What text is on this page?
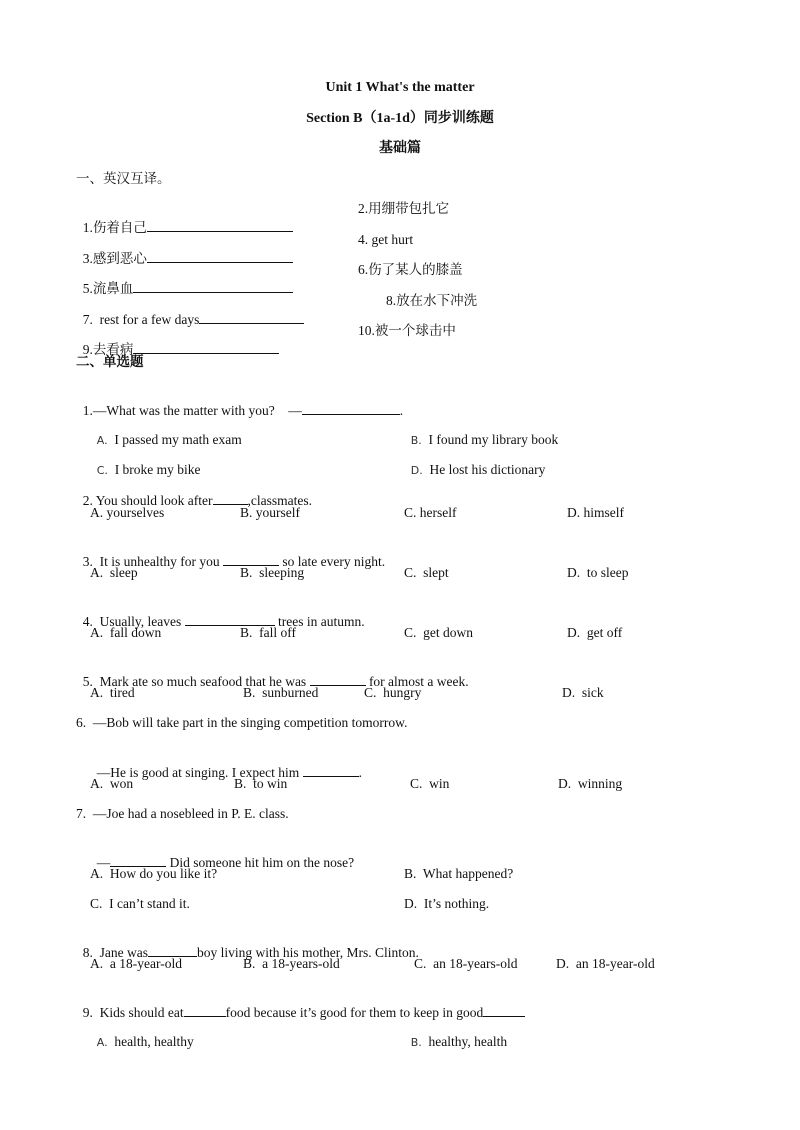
Unit 1 What's the matter
Section B（1a-1d）同步训练题
基础篇
一、英汉互译。

1.伤着自己

2.用绷带包扎它

3.感到恶心

4. get hurt

5.流鼻血

6.伤了某人的膝盖

7.  rest for a few days

8.放在水下冲洗

9.去看病

10.被一个球击中
二、单选题

1.—What was the matter with you?    —	.

A. I passed my math exam	B. I found my library book

C. I broke my bike	D. He lost his dictionary

2. You should look after	,classmates.

A. yourselves	B. yourself	C. herself	D. himself

3.  It is unhealthy for you	so late every night.

A.  sleep	B.  sleeping	C.  slept	D.  to sleep

4.  Usually, leaves	trees in autumn.

A.  fall down	B.  fall off	C.  get down	D.  get off

5.  Mark ate so much seafood that he was	for almost a week.

A.  tired	B.  sunburned	C.  hungry	D.  sick
6.  —Bob will take part in the singing competition tomorrow.

—He is good at singing. I expect him	.

A.  won	B.  to win	C.  win	D.  winning
7.  —Joe had a nosebleed in P. E. class.

—	Did someone hit him on the nose?

A.  How do you like it?	B.  What happened?
C.  I can’t stand it.	D.  It’s nothing.

8.  Jane was	boy living with his mother, Mrs. Clinton.

A.  a 18-year-old	B.  a 18-years-old	C.  an 18-years-old	D.  an 18-year-old

9.  Kids should eat	food because it’s good for them to keep in good

A. health, healthy	B. healthy, health
